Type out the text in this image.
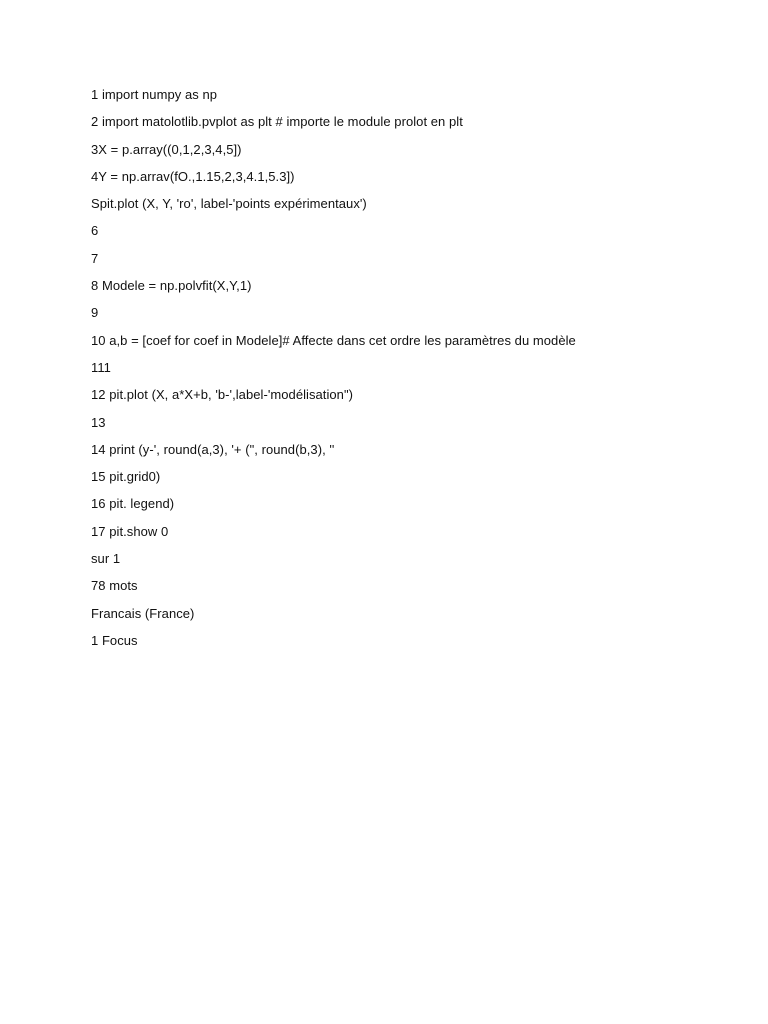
1 import numpy as np
2 import matolotlib.pvplot as plt # importe le module prolot en plt
3X = p.array((0,1,2,3,4,5])
4Y = np.arrav(fO.,1.15,2,3,4.1,5.3])
Spit.plot (X, Y, 'ro', label-'points expérimentaux')
6
7
8 Modele = np.polvfit(X,Y,1)
9
10 a,b = [coef for coef in Modele]# Affecte dans cet ordre les paramètres du modèle
111
12 pit.plot (X, a*X+b, 'b-',label-'modélisation")
13
14 print (y-', round(a,3), '+ (", round(b,3), ''
15 pit.grid0)
16 pit. legend)
17 pit.show 0
sur 1
78 mots
Francais (France)
1 Focus
